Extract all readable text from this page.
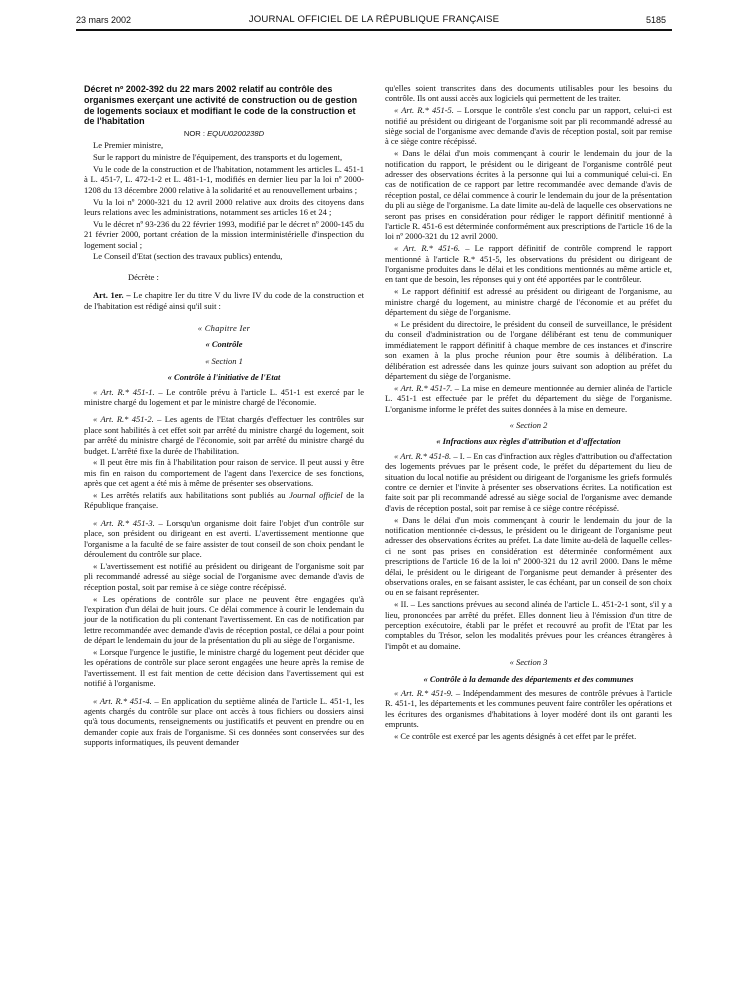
23 mars 2002	JOURNAL OFFICIEL DE LA RÉPUBLIQUE FRANÇAISE	5185

Décret nº 2002-392 du 22 mars 2002 relatif au contrôle des organismes exerçant une activité de construction ou de gestion de logements sociaux et modifiant le code de la construction et de l'habitation

NOR : EQUU0200238D

Le Premier ministre,

Sur le rapport du ministre de l'équipement, des transports et du logement,

Vu le code de la construction et de l'habitation, notamment les articles L. 451-1 à L. 451-7, L. 472-1-2 et L. 481-1-1, modifiés en dernier lieu par la loi nº 2000-1208 du 13 décembre 2000 relative à la solidarité et au renouvellement urbains ;

Vu la loi nº 2000-321 du 12 avril 2000 relative aux droits des citoyens dans leurs relations avec les administrations, notamment ses articles 16 et 24 ;

Vu le décret nº 93-236 du 22 février 1993, modifié par le décret nº 2000-145 du 21 février 2000, portant création de la mission interministérielle d'inspection du logement social ;

Le Conseil d'Etat (section des travaux publics) entendu,

Décrète :

Art. 1er. – Le chapitre Ier du titre V du livre IV du code de la construction et de l'habitation est rédigé ainsi qu'il suit :

« Chapitre Ier

« Contrôle

« Section 1

« Contrôle à l'initiative de l'Etat

« Art. R.* 451-1. – Le contrôle prévu à l'article L. 451-1 est exercé par le ministre chargé du logement et par le ministre chargé de l'économie.

« Art. R.* 451-2. – Les agents de l'Etat chargés d'effectuer les contrôles sur place sont habilités à cet effet soit par arrêté du ministre chargé du logement, soit par arrêté du ministre chargé de l'économie, soit par arrêté du ministre chargé du budget. L'arrêté fixe la durée de l'habilitation.

« Il peut être mis fin à l'habilitation pour raison de service. Il peut aussi y être mis fin en raison du comportement de l'agent dans l'exercice de ses fonctions, après que cet agent a été mis à même de présenter ses observations.

« Les arrêtés relatifs aux habilitations sont publiés au Journal officiel de la République française.

« Art. R.* 451-3. – Lorsqu'un organisme doit faire l'objet d'un contrôle sur place, son président ou dirigeant en est averti. L'avertissement mentionne que l'organisme a la faculté de se faire assister de tout conseil de son choix pendant le déroulement du contrôle sur place.

« L'avertissement est notifié au président ou dirigeant de l'organisme soit par pli recommandé adressé au siège social de l'organisme avec demande d'avis de réception postal, soit par remise à ce siège contre récépissé.

« Les opérations de contrôle sur place ne peuvent être engagées qu'à l'expiration d'un délai de huit jours. Ce délai commence à courir le lendemain du jour de la notification du pli contenant l'avertissement. En cas de notification par lettre recommandée avec demande d'avis de réception postal, ce délai a pour point de départ le lendemain du jour de la présentation du pli au siège de l'organisme.

« Lorsque l'urgence le justifie, le ministre chargé du logement peut décider que les opérations de contrôle sur place seront engagées une heure après la remise de l'avertissement. Il est fait mention de cette décision dans l'avertissement qui est notifié à l'organisme.

« Art. R.* 451-4. – En application du septième alinéa de l'article L. 451-1, les agents chargés du contrôle sur place ont accès à tous fichiers ou dossiers ainsi qu'à tous documents, renseignements ou justificatifs et peuvent en prendre ou en demander copie aux frais de l'organisme. Si ces données sont conservées sur des supports informatiques, ils peuvent demander

qu'elles soient transcrites dans des documents utilisables pour les besoins du contrôle. Ils ont aussi accès aux logiciels qui permettent de les traiter.

« Art. R.* 451-5. – Lorsque le contrôle s'est conclu par un rapport, celui-ci est notifié au président ou dirigeant de l'organisme soit par pli recommandé adressé au siège social de l'organisme avec demande d'avis de réception postal, soit par remise à ce siège contre récépissé.

« Dans le délai d'un mois commençant à courir le lendemain du jour de la notification du rapport, le président ou le dirigeant de l'organisme contrôlé peut adresser des observations écrites à la personne qui lui a communiqué celui-ci. En cas de notification de ce rapport par lettre recommandée avec demande d'avis de réception postal, ce délai commence à courir le lendemain du jour de la présentation du pli au siège de l'organisme. La date limite au-delà de laquelle ces observations ne seront pas prises en considération pour rédiger le rapport définitif mentionné à l'article R. 451-6 est déterminée conformément aux prescriptions de l'article 16 de la loi nº 2000-321 du 12 avril 2000.

« Art. R.* 451-6. – Le rapport définitif de contrôle comprend le rapport mentionné à l'article R.* 451-5, les observations du président ou dirigeant de l'organisme produites dans le délai et les conditions mentionnés au même article et, en tant que de besoin, les réponses qui y ont été apportées par le contrôleur.

« Le rapport définitif est adressé au président ou dirigeant de l'organisme, au ministre chargé du logement, au ministre chargé de l'économie et au préfet du département du siège de l'organisme.

« Le président du directoire, le président du conseil de surveillance, le président du conseil d'administration ou de l'organe délibérant est tenu de communiquer immédiatement le rapport définitif à chaque membre de ces instances et d'inscrire son examen à la plus proche réunion pour être soumis à délibération. La délibération est adressée dans les quinze jours suivant son adoption au préfet du département du siège de l'organisme.

« Art. R.* 451-7. – La mise en demeure mentionnée au dernier alinéa de l'article L. 451-1 est effectuée par le préfet du département du siège de l'organisme. L'organisme informe le préfet des suites données à la mise en demeure.

« Section 2

« Infractions aux règles d'attribution et d'affectation

« Art. R.* 451-8. – I. – En cas d'infraction aux règles d'attribution ou d'affectation des logements prévues par le présent code, le préfet du département du lieu de situation du local notifie au président ou dirigeant de l'organisme les griefs formulés contre ce dernier et l'invite à présenter ses observations écrites. La notification est faite soit par pli recommandé adressé au siège social de l'organisme avec demande d'avis de réception postal, soit par remise à ce siège contre récépissé.

« Dans le délai d'un mois commençant à courir le lendemain du jour de la notification mentionnée ci-dessus, le président ou le dirigeant de l'organisme peut adresser des observations écrites au préfet. La date limite au-delà de laquelle celles-ci ne sont pas prises en considération est déterminée conformément aux prescriptions de l'article 16 de la loi nº 2000-321 du 12 avril 2000. Dans le même délai, le président ou le dirigeant de l'organisme peut demander à présenter des observations orales, en se faisant assister, le cas échéant, par un conseil de son choix ou en se faisant représenter.

« II. – Les sanctions prévues au second alinéa de l'article L. 451-2-1 sont, s'il y a lieu, prononcées par arrêté du préfet. Elles donnent lieu à l'émission d'un titre de perception exécutoire, établi par le préfet et recouvré au profit de l'Etat par les comptables du Trésor, selon les modalités prévues pour les créances étrangères à l'impôt et au domaine.

« Section 3

« Contrôle à la demande des départements et des communes

« Art. R.* 451-9. – Indépendamment des mesures de contrôle prévues à l'article R. 451-1, les départements et les communes peuvent faire contrôler les opérations et les écritures des organismes d'habitations à loyer modéré dont ils ont garanti les emprunts.

« Ce contrôle est exercé par les agents désignés à cet effet par le préfet.
